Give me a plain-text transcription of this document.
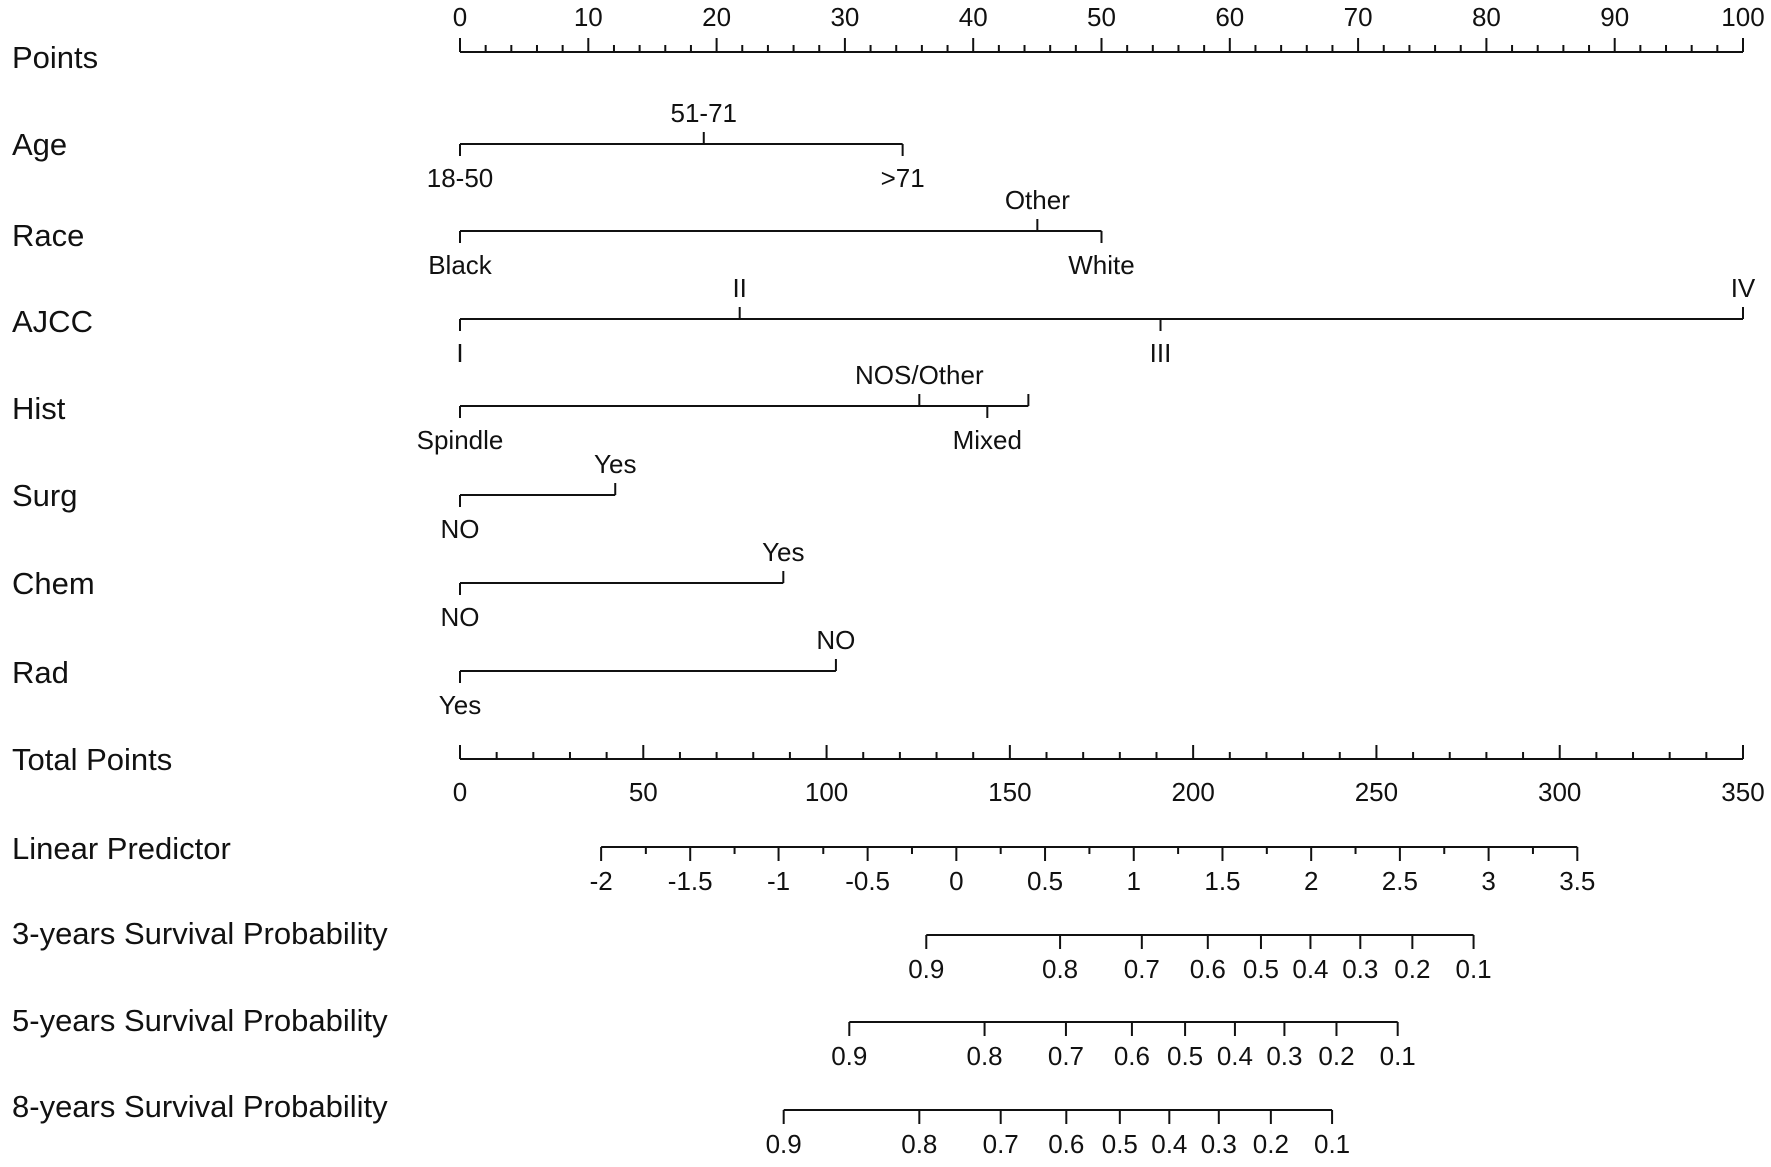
Points
0	10	20	30	40	50	60	70	80	90	100
Age
18-50
51-71
>71
Race
Black
Other
White
AJCC
I
II
III
IV
Hist
Spindle
NOS/Other
Mixed
Surg
NO
Yes
Chem
NO
Yes
Rad
Yes
NO
Total Points
0	50	100	150	200	250	300	350
Linear Predictor
-2 -1.5 -1 -0.5 0 0.5 1 1.5 2 2.5 3 3.5
3-years Survival Probability
0.9	0.8 0.7 0.6 0.5 0.4 0.3 0.2 0.1
5-years Survival Probability
0.9	0.8 0.7 0.6 0.5 0.4 0.3 0.2 0.1
8-years Survival Probability
0.9	0.8 0.7 0.6 0.5 0.4 0.3 0.2 0.1
